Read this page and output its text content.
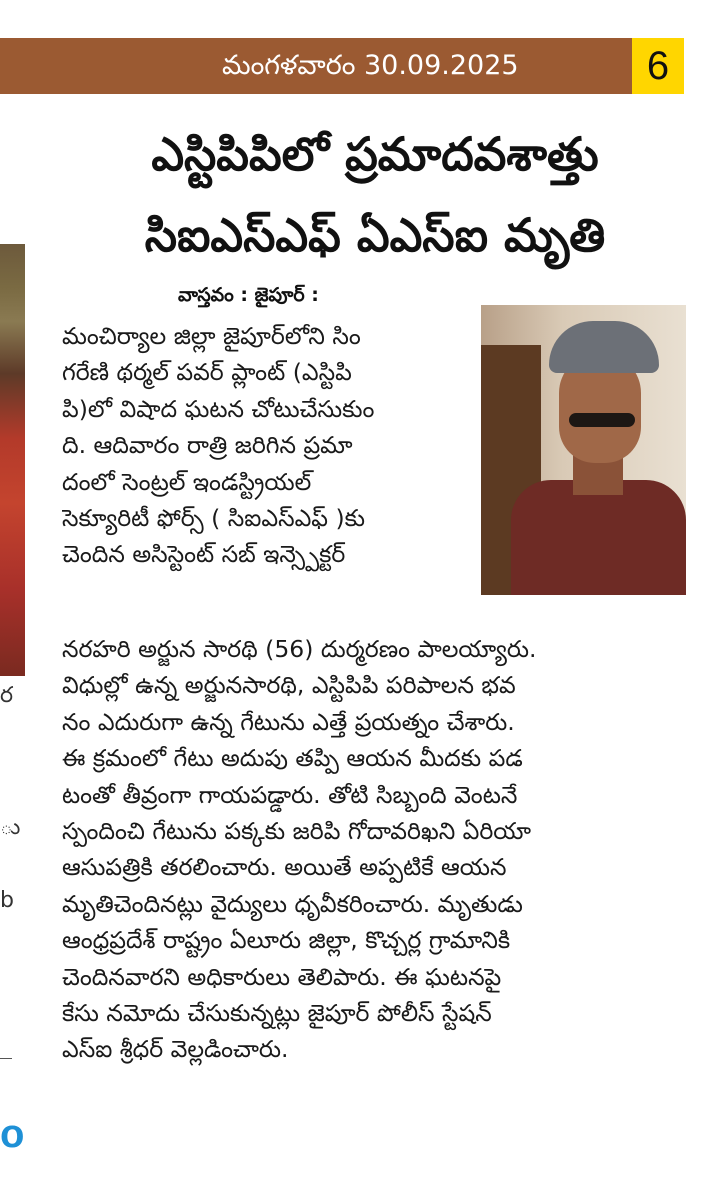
మంగళవారం 30.09.2025	6
ర
ు
b
o
ఎస్టిపిపిలో ప్రమాదవశాత్తు
సిఐఎస్ఎఫ్ ఏఎస్ఐ మృతి
వాస్తవం : జైపూర్ :
మంచిర్యాల జిల్లా జైపూర్‌లోని సిం
గరేణి థర్మల్ పవర్ ప్లాంట్ (ఎస్టిపి
పి)లో విషాద ఘటన చోటుచేసుకుం
ది. ఆదివారం రాత్రి జరిగిన ప్రమా
దంలో సెంట్రల్ ఇండస్ట్రియల్
సెక్యూరిటీ ఫోర్స్ ( సిఐఎస్ఎఫ్ )కు
చెందిన అసిస్టెంట్ సబ్ ఇన్స్పెక్టర్
నరహరి అర్జున సారథి (56) దుర్మరణం పాలయ్యారు.
విధుల్లో ఉన్న అర్జునసారథి, ఎస్టిపిపి పరిపాలన భవ
నం ఎదురుగా ఉన్న గేటును ఎత్తే ప్రయత్నం చేశారు.
ఈ క్రమంలో గేటు అదుపు తప్పి ఆయన మీదకు పడ
టంతో తీవ్రంగా గాయపడ్డారు. తోటి సిబ్బంది వెంటనే
స్పందించి గేటును పక్కకు జరిపి గోదావరిఖని ఏరియా
ఆసుపత్రికి తరలించారు. అయితే అప్పటికే ఆయన
మృతిచెందినట్లు వైద్యులు ధృవీకరించారు. మృతుడు
ఆంధ్రప్రదేశ్ రాష్ట్రం ఏలూరు జిల్లా, కొచ్చర్ల గ్రామానికి
చెందినవారని అధికారులు తెలిపారు. ఈ ఘటనపై
కేసు నమోదు చేసుకున్నట్లు జైపూర్ పోలీస్ స్టేషన్
ఎస్ఐ శ్రీధర్ వెల్లడించారు.
